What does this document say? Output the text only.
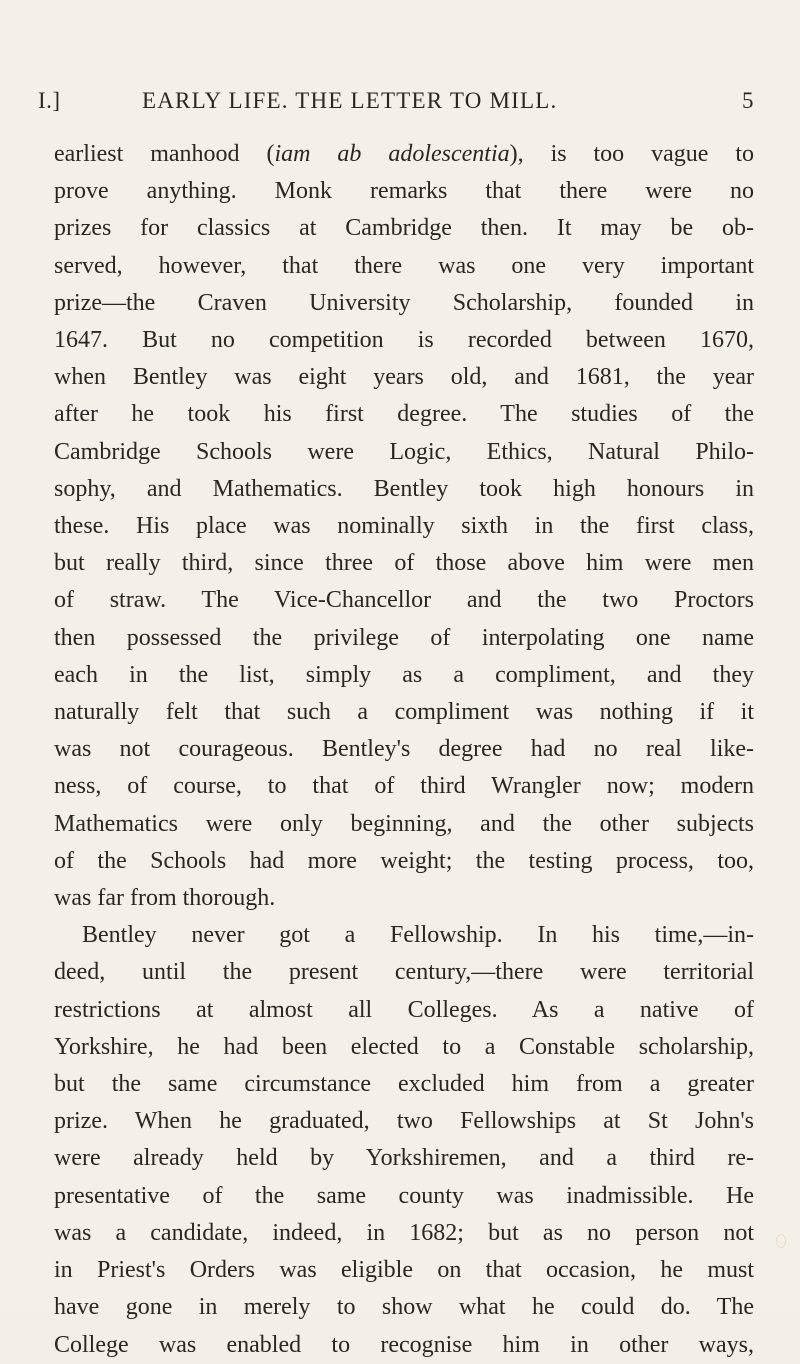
I.]	EARLY LIFE. THE LETTER TO MILL.	5

earliest manhood (iam ab adolescentia), is too vague to
prove anything. Monk remarks that there were no
prizes for classics at Cambridge then. It may be ob-
served, however, that there was one very important
prize—the Craven University Scholarship, founded in
1647. But no competition is recorded between 1670,
when Bentley was eight years old, and 1681, the year
after he took his first degree. The studies of the
Cambridge Schools were Logic, Ethics, Natural Philo-
sophy, and Mathematics. Bentley took high honours in
these. His place was nominally sixth in the first class,
but really third, since three of those above him were men
of straw. The Vice-Chancellor and the two Proctors
then possessed the privilege of interpolating one name
each in the list, simply as a compliment, and they
naturally felt that such a compliment was nothing if it
was not courageous. Bentley's degree had no real like-
ness, of course, to that of third Wrangler now; modern
Mathematics were only beginning, and the other subjects
of the Schools had more weight; the testing process, too,
was far from thorough.

Bentley never got a Fellowship. In his time,—in-
deed, until the present century,—there were territorial
restrictions at almost all Colleges. As a native of
Yorkshire, he had been elected to a Constable scholarship,
but the same circumstance excluded him from a greater
prize. When he graduated, two Fellowships at St John's
were already held by Yorkshiremen, and a third re-
presentative of the same county was inadmissible. He
was a candidate, indeed, in 1682; but as no person not
in Priest's Orders was eligible on that occasion, he must
have gone in merely to show what he could do. The
College was enabled to recognise him in other ways,
